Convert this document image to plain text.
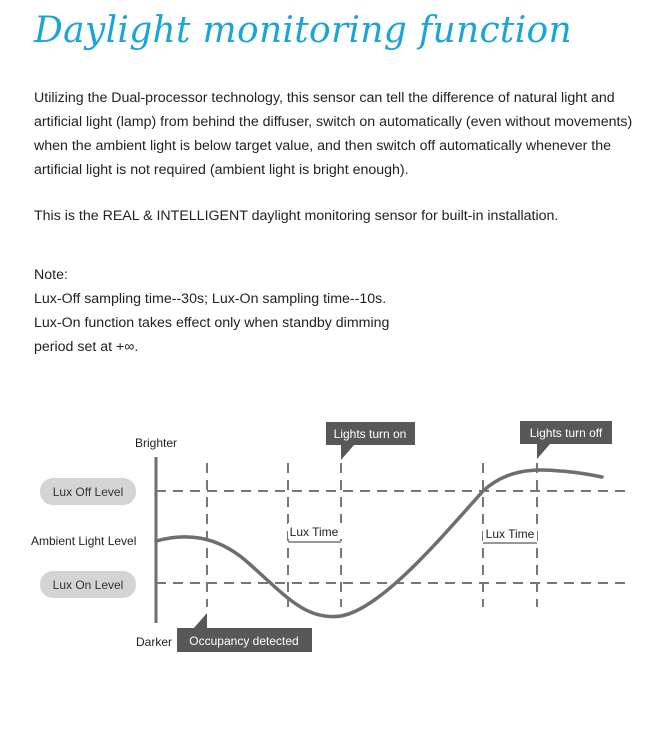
Daylight monitoring function
Utilizing the Dual-processor technology, this sensor can tell the difference of natural light and artificial light (lamp) from behind the diffuser, switch on automatically (even without movements) when the ambient light is below target value, and then switch off automatically whenever the artificial light is not required (ambient light is bright enough).
This is the REAL & INTELLIGENT daylight monitoring sensor for built-in installation.
Note:
Lux-Off sampling time--30s; Lux-On sampling time--10s.
Lux-On function takes effect only when standby dimming
period set at +∞.
Lux Time	Lux Time
Brighter
Darker
Ambient Light Level
Lux Off Level
Lux On Level
Lights turn on	Lights turn off
Occupancy detected
